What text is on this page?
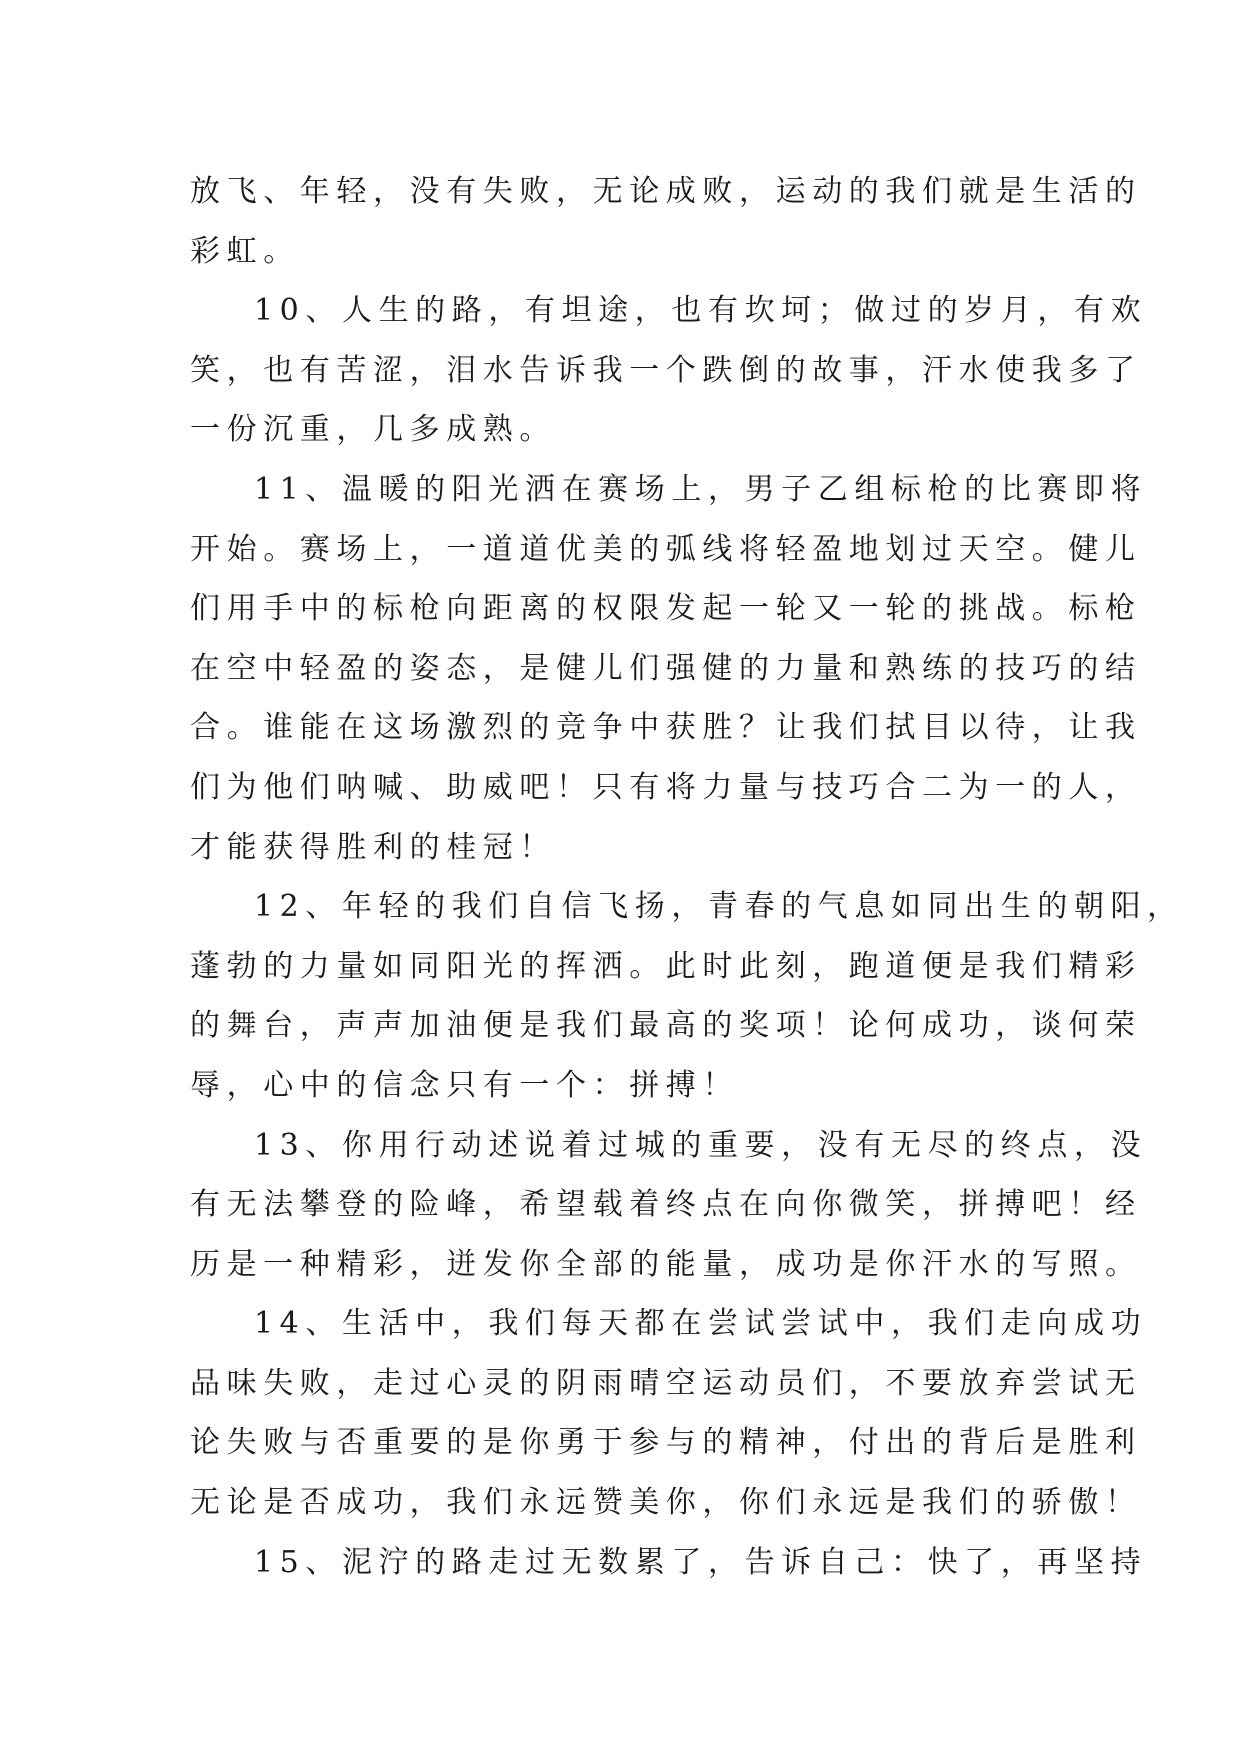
放飞、年轻，没有失败，无论成败，运动的我们就是生活的
彩虹。
10、人生的路，有坦途，也有坎坷；做过的岁月，有欢
笑，也有苦涩，泪水告诉我一个跌倒的故事，汗水使我多了
一份沉重，几多成熟。
11、温暖的阳光洒在赛场上，男子乙组标枪的比赛即将
开始。赛场上，一道道优美的弧线将轻盈地划过天空。健儿
们用手中的标枪向距离的权限发起一轮又一轮的挑战。标枪
在空中轻盈的姿态，是健儿们强健的力量和熟练的技巧的结
合。谁能在这场激烈的竞争中获胜？让我们拭目以待，让我
们为他们呐喊、助威吧！只有将力量与技巧合二为一的人，
才能获得胜利的桂冠！
12、年轻的我们自信飞扬，青春的气息如同出生的朝阳，
蓬勃的力量如同阳光的挥洒。此时此刻，跑道便是我们精彩
的舞台，声声加油便是我们最高的奖项！论何成功，谈何荣
辱，心中的信念只有一个：拼搏！
13、你用行动述说着过城的重要，没有无尽的终点，没
有无法攀登的险峰，希望载着终点在向你微笑，拼搏吧！经
历是一种精彩，迸发你全部的能量，成功是你汗水的写照。
14、生活中，我们每天都在尝试尝试中，我们走向成功
品味失败，走过心灵的阴雨晴空运动员们，不要放弃尝试无
论失败与否重要的是你勇于参与的精神，付出的背后是胜利
无论是否成功，我们永远赞美你，你们永远是我们的骄傲！
15、泥泞的路走过无数累了，告诉自己：快了，再坚持
